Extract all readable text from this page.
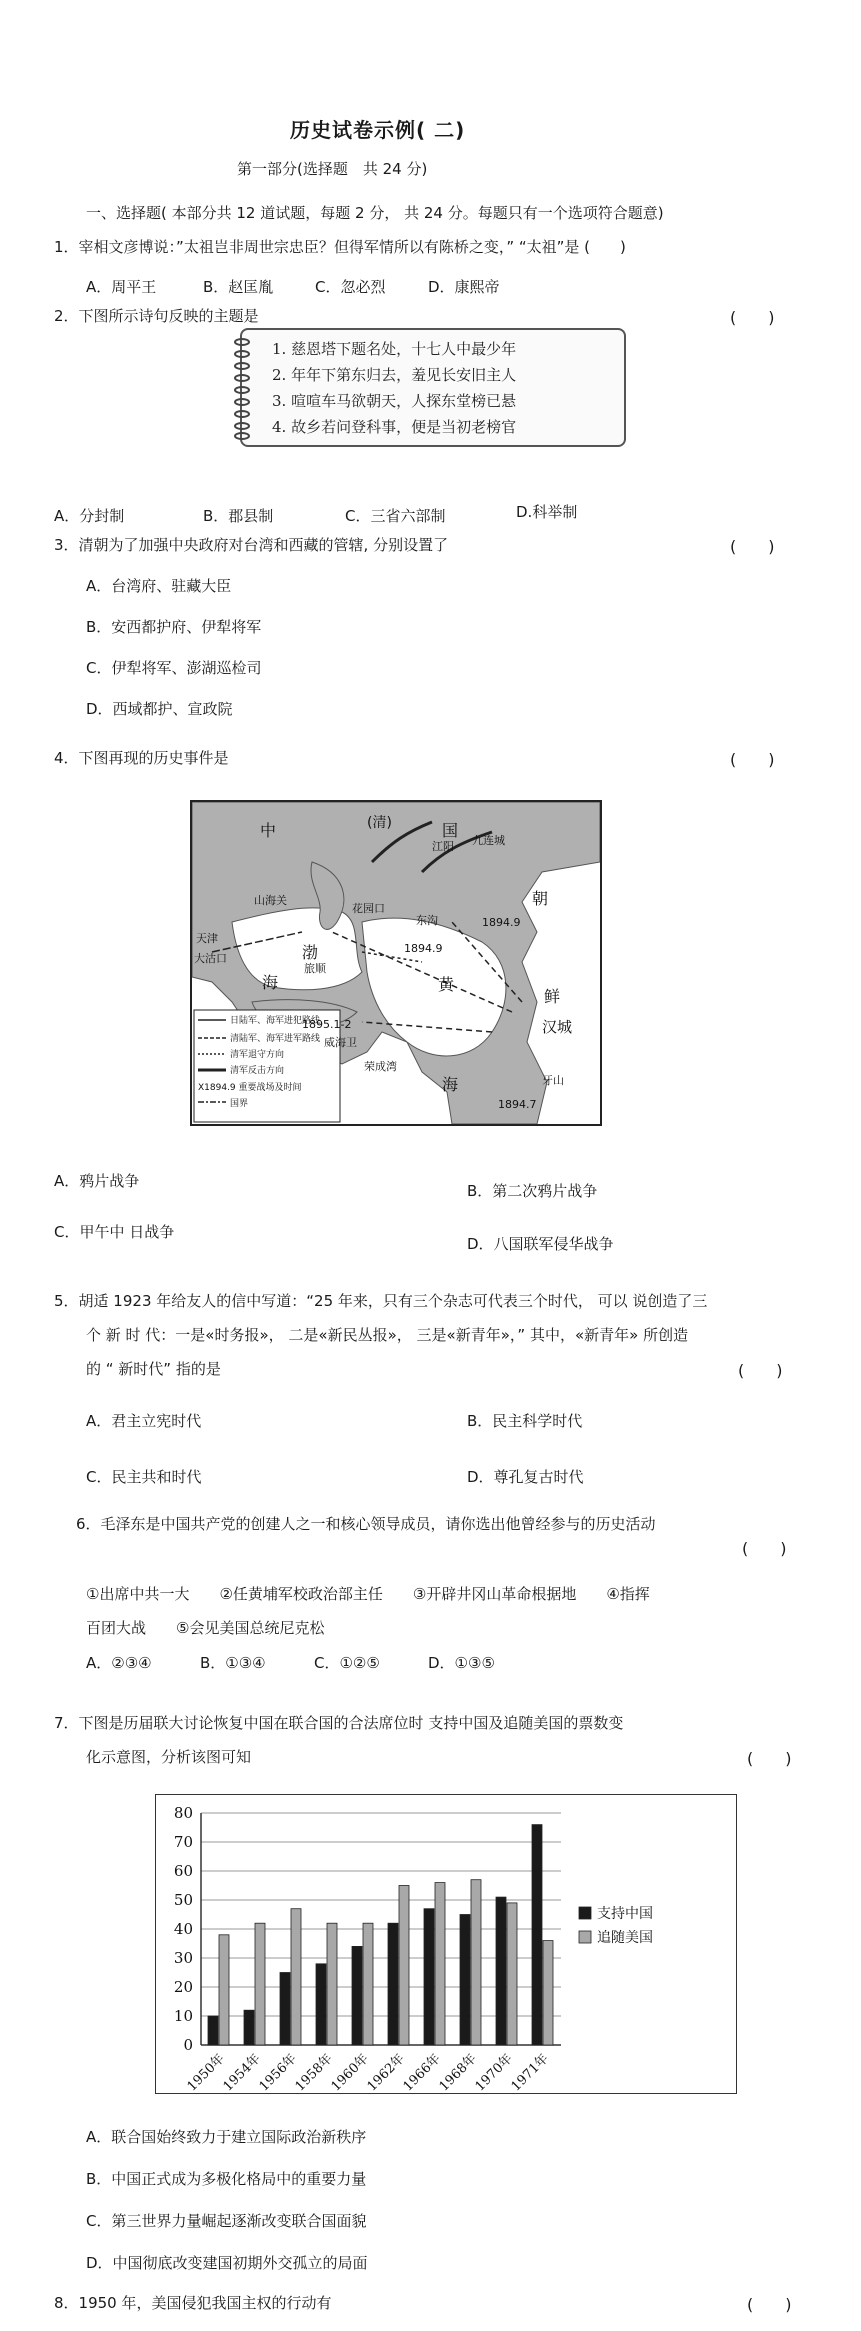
历史试卷示例( 二)
第一部分(选择题　共 24 分)
一、选择题( 本部分共 12 道试题，每题 2 分， 共 24 分。每题只有一个选项符合题意)
1．宰相文彦博说：”太祖岂非周世宗忠臣？但得军情所以有陈桥之变，” “太祖”是 (　　)
A．周平王	B．赵匡胤	C．忽必烈	D．康熙帝
2．下图所示诗句反映的主题是	(　　)
1. 慈恩塔下题名处，十七人中最少年
2. 年年下第东归去，羞见长安旧主人
3. 喧喧车马欲朝天，人探东堂榜已悬
4. 故乡若问登科事，便是当初老榜官
A．分封制	B．郡县制	C．三省六部制	D.科举制
3．清朝为了加强中央政府对台湾和西藏的管辖, 分别设置了	(　　)
A．台湾府、驻藏大臣
B．安西都护府、伊犁将军
C．伊犁将军、澎湖巡检司
D．西域都护、宣政院
4．下图再现的历史事件是	(　　)
中	(清)	国
朝
鲜
渤
黄
海
海
山海关
天津
大沽口
旅顺
花园口
威海卫
荣成湾
汉城
江阳
东沟
九连城
牙山
1894.9
1894.9
1895.1-2
1894.7
日陆军、海军进犯路线
清陆军、海军进军路线
清军退守方向
清军反击方向
X1894.9 重要战场及时间
国界
A．鸦片战争
B．第二次鸦片战争
C．甲午中 日战争
D．八国联军侵华战争
5．胡适 1923 年给友人的信中写道：“25 年来，只有三个杂志可代表三个时代， 可以 说创造了三
个 新 时 代：一是«时务报»， 二是«新民丛报»， 三是«新青年»，” 其中，«新青年» 所创造
的 “ 新时代” 指的是	(　　)
A．君主立宪时代	B．民主科学时代
C．民主共和时代	D．尊孔复古时代
6．毛泽东是中国共产党的创建人之一和核心领导成员，请你选出他曾经参与的历史活动
(　　)
①出席中共一大　　②任黄埔军校政治部主任　　③开辟井冈山革命根据地　　④指挥
百团大战　　⑤会见美国总统尼克松
A．②③④	B．①③④	C．①②⑤	D．①③⑤
7．下图是历届联大讨论恢复中国在联合国的合法席位时 支持中国及追随美国的票数变
化示意图，分析该图可知	(　　)
0
10
20
30
40
50
60
70
80
1950年
1954年
1956年
1958年
1960年
1962年
1966年
1968年
1970年
1971年
支持中国
追随美国
A．联合国始终致力于建立国际政治新秩序
B．中国正式成为多极化格局中的重要力量
C．第三世界力量崛起逐渐改变联合国面貌
D．中国彻底改变建国初期外交孤立的局面
8．1950 年，美国侵犯我国主权的行动有	(　　)
